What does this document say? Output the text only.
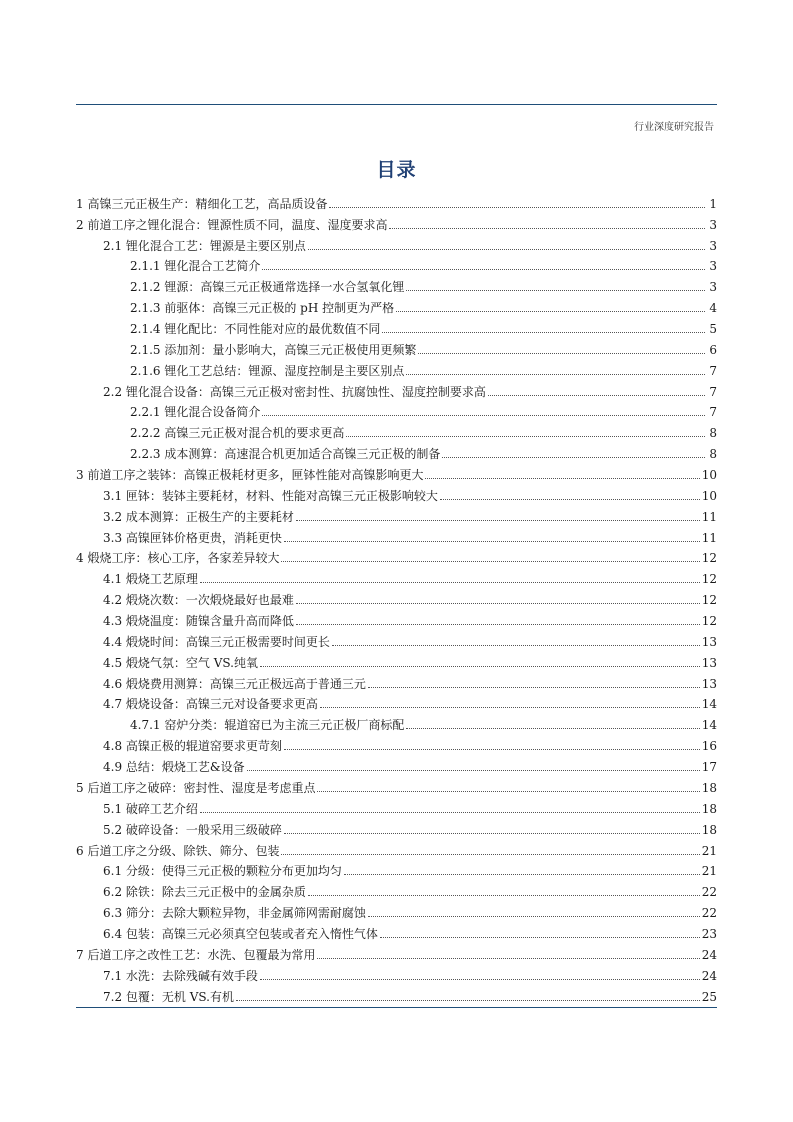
行业深度研究报告
目录
1 高镍三元正极生产：精细化工艺，高品质设备	1
2 前道工序之锂化混合：锂源性质不同，温度、湿度要求高	3
2.1 锂化混合工艺：锂源是主要区别点	3
2.1.1 锂化混合工艺简介	3
2.1.2 锂源：高镍三元正极通常选择一水合氢氧化锂	3
2.1.3 前驱体：高镍三元正极的 pH 控制更为严格	4
2.1.4 锂化配比：不同性能对应的最优数值不同	5
2.1.5 添加剂：量小影响大，高镍三元正极使用更频繁	6
2.1.6 锂化工艺总结：锂源、湿度控制是主要区别点	7
2.2 锂化混合设备：高镍三元正极对密封性、抗腐蚀性、湿度控制要求高	7
2.2.1 锂化混合设备简介	7
2.2.2 高镍三元正极对混合机的要求更高	8
2.2.3 成本测算：高速混合机更加适合高镍三元正极的制备	8
3 前道工序之装钵：高镍正极耗材更多，匣钵性能对高镍影响更大	10
3.1 匣钵：装钵主要耗材，材料、性能对高镍三元正极影响较大	10
3.2 成本测算：正极生产的主要耗材	11
3.3 高镍匣钵价格更贵，消耗更快	11
4 煅烧工序：核心工序，各家差异较大	12
4.1 煅烧工艺原理	12
4.2 煅烧次数：一次煅烧最好也最难	12
4.3 煅烧温度：随镍含量升高而降低	12
4.4 煅烧时间：高镍三元正极需要时间更长	13
4.5 煅烧气氛：空气 VS.纯氧	13
4.6 煅烧费用测算：高镍三元正极远高于普通三元	13
4.7 煅烧设备：高镍三元对设备要求更高	14
4.7.1 窑炉分类：辊道窑已为主流三元正极厂商标配	14
4.8 高镍正极的辊道窑要求更苛刻	16
4.9 总结：煅烧工艺&设备	17
5 后道工序之破碎：密封性、湿度是考虑重点	18
5.1 破碎工艺介绍	18
5.2 破碎设备：一般采用三级破碎	18
6 后道工序之分级、除铁、筛分、包装	21
6.1 分级：使得三元正极的颗粒分布更加均匀	21
6.2 除铁：除去三元正极中的金属杂质	22
6.3 筛分：去除大颗粒异物，非金属筛网需耐腐蚀	22
6.4 包装：高镍三元必须真空包装或者充入惰性气体	23
7 后道工序之改性工艺：水洗、包覆最为常用	24
7.1 水洗：去除残碱有效手段	24
7.2 包覆：无机 VS.有机	25
